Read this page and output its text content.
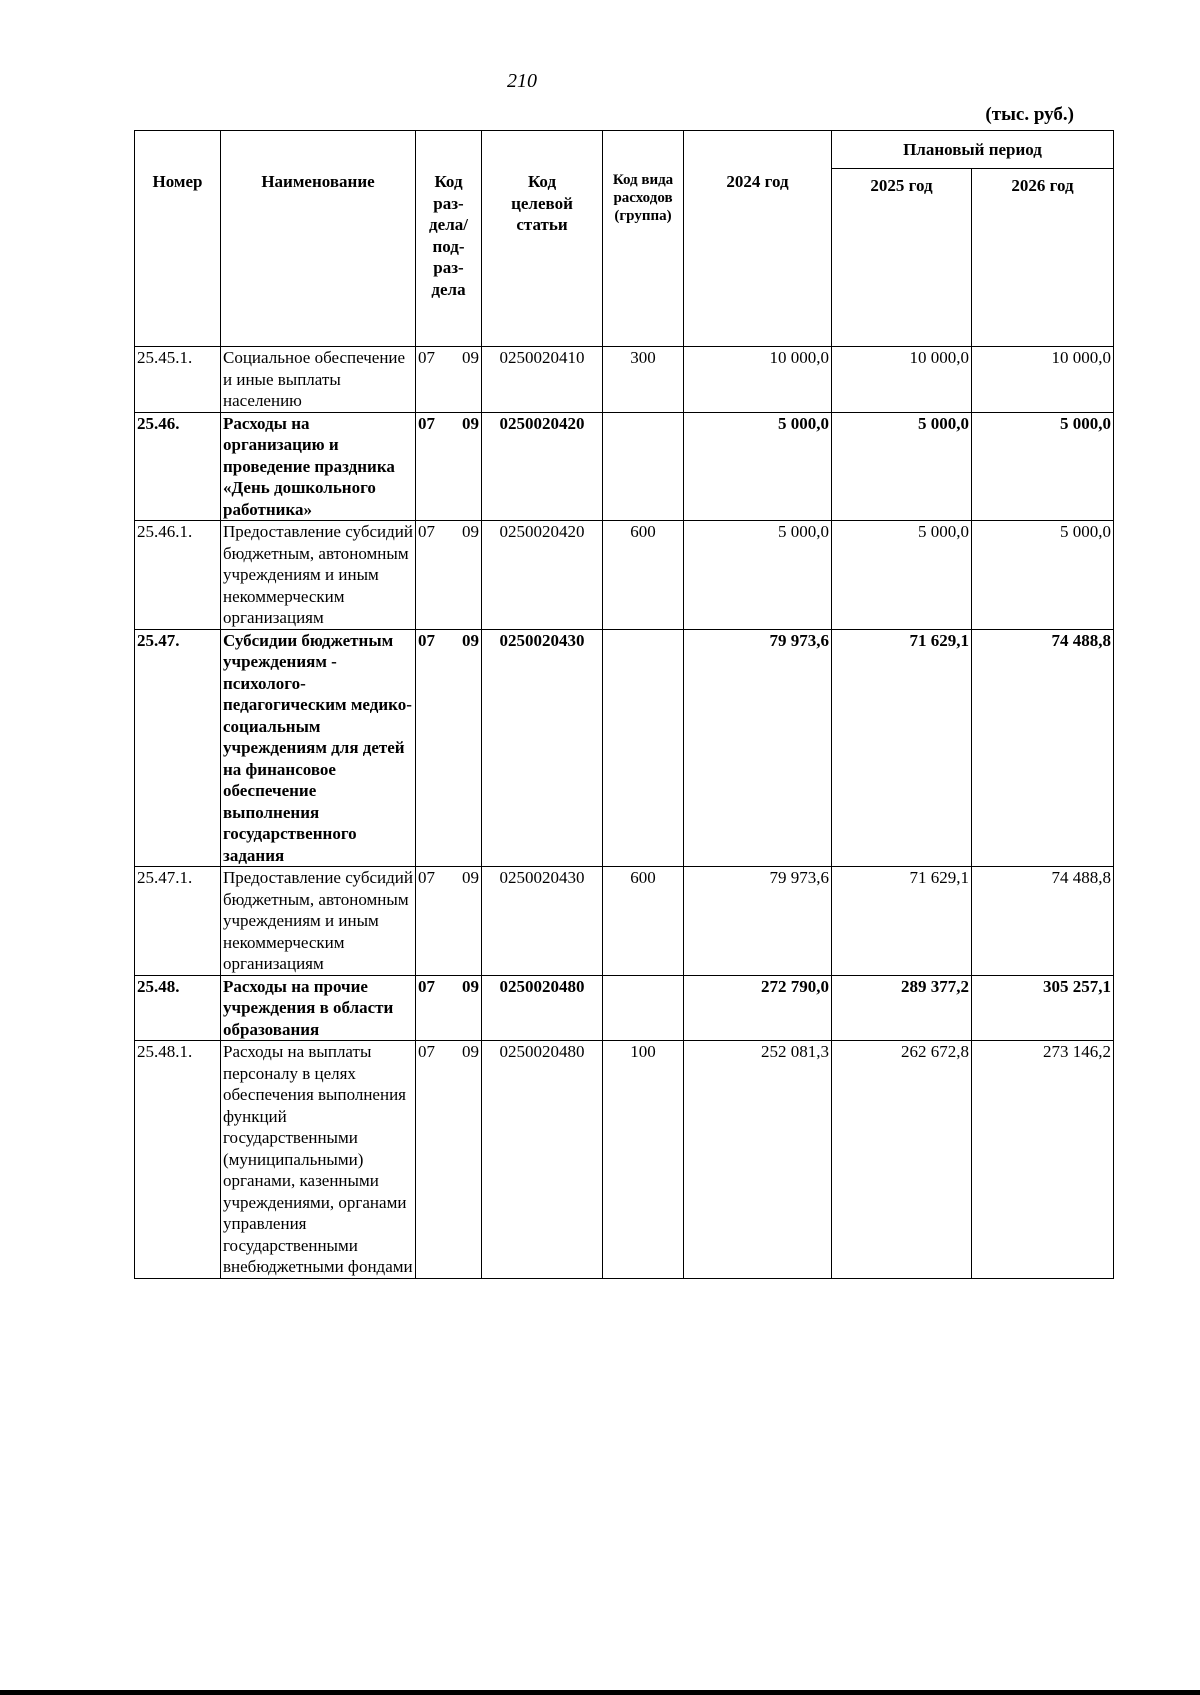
210
(тыс. руб.)
Номер	Наименование	Код раз- дела/ под- раз- дела	Код целевой статьи	Код вида расходов (группа)	2024 год	Плановый период	
						2025 год	2026 год
25.45.1.	Социальное обеспечение и иные выплаты населению	07 09	0250020410	300	10 000,0	10 000,0	10 000,0
25.46.	Расходы на организацию и проведение праздника «День дошкольного работника»	07 09	0250020420		5 000,0	5 000,0	5 000,0
25.46.1.	Предоставление субсидий бюджетным, автономным учреждениям и иным некоммерческим организациям	07 09	0250020420	600	5 000,0	5 000,0	5 000,0
25.47.	Субсидии бюджетным учреждениям - психолого-педагогическим медико-социальным учреждениям для детей на финансовое обеспечение выполнения государственного задания	07 09	0250020430		79 973,6	71 629,1	74 488,8
25.47.1.	Предоставление субсидий бюджетным, автономным учреждениям и иным некоммерческим организациям	07 09	0250020430	600	79 973,6	71 629,1	74 488,8
25.48.	Расходы на прочие учреждения в области образования	07 09	0250020480		272 790,0	289 377,2	305 257,1
25.48.1.	Расходы на выплаты персоналу в целях обеспечения выполнения функций государственными (муниципальными) органами, казенными учреждениями, органами управления государственными внебюджетными фондами	07 09	0250020480	100	252 081,3	262 672,8	273 146,2
